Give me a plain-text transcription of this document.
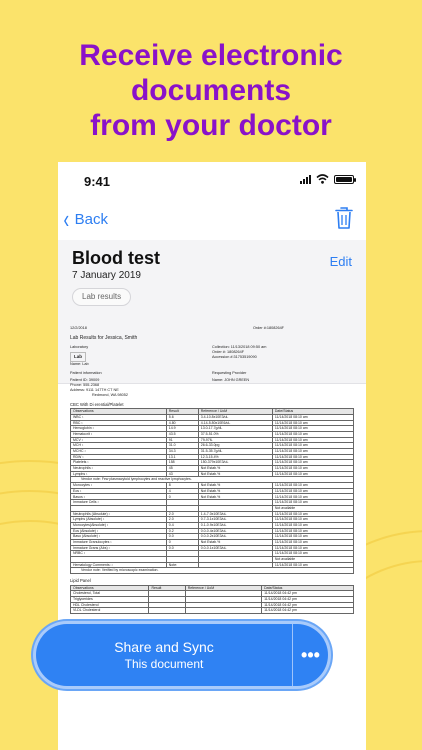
Receive electronic
documents
from your doctor
9:41
‹ Back
Blood test
7 January 2019
Edit
Lab results
12/2/2018	Order #:1808264F
Lab Results for Jessica, Smith
Laboratory
Lab
Name: Lab
Collection: 11/13/2018 09:50 am
Order #: 1808264F
Accession #:31753519090
Patient information
Patient ID: 39009
Phone: 555-2368
Address: 9111 147TH CT NE
Redmond, WA 98052
Requesting Provider
Name: JOHN GREEN
CBC With Di erential/Platelet
Observations	Result	Reference / UoM	Date/Status
WBC ¹	5.6	3.4-10.8x10E3/uL	11/14/2018 08:10 am
RBC ¹	4.80	4.14-5.80x10E6/uL	11/14/2018 08:10 am
Hemoglobin ¹	14.9	13.0-17.7g/dL	11/14/2018 08:10 am
Hematocrit ¹	43.5	37.5-51.0%	11/14/2018 08:10 am
MCV ¹	91	79-97fL	11/14/2018 08:10 am
MCH ¹	31.0	26.6-33.0pg	11/14/2018 08:10 am
MCHC ¹	34.3	31.5-35.7g/dL	11/14/2018 08:10 am
RDW ¹	13.1	12.3-15.4%	11/14/2018 08:10 am
Platelets ¹	158	150-379x10E3/uL	11/14/2018 08:10 am
Neutrophils ¹	45	Not Estab.%	11/14/2018 08:10 am
Lymphs ¹	43	Not Estab.%	11/14/2018 08:10 am
Vendor note: Few plasmacytoid lymphocytes and reactive lymphocytes.			
Monocytes ¹	8	Not Estab.%	11/14/2018 08:10 am
Eos ¹	4	Not Estab.%	11/14/2018 08:10 am
Basos ¹	0	Not Estab.%	11/14/2018 08:10 am
Immature Cells ¹			11/14/2018 08:10 am
			Not available
Neutrophils (Absolute) ¹	2.0	1.4-7.0x10E3/uL	11/14/2018 08:10 am
Lymphs (Absolute) ¹	2.0	0.7-3.1x10E3/uL	11/14/2018 08:10 am
Monocytes(Absolute) ¹	0.4	0.1-0.9x10E3/uL	11/14/2018 08:10 am
Eos (Absolute) ¹	0.2	0.0-0.4x10E3/uL	11/14/2018 08:10 am
Baso (Absolute) ¹	0.0	0.0-0.2x10E3/uL	11/14/2018 08:10 am
Immature Granulocytes ¹	0	Not Estab.%	11/14/2018 08:10 am
Immature Grans (Abs) ¹	0.0	0.0-0.1x10E3/uL	11/14/2018 08:10 am
NRBC ¹			11/14/2018 08:10 am
			Not available
Hematology Comments: ¹	Note:		11/14/2018 08:10 am
Vendor note: Verified by microscopic examination.			
Lipid Panel
Observations	Result	Reference / UoM	Date/Status
Cholesterol, Total			11/14/2018 04:42 pm
Triglycerides			11/14/2018 04:42 pm
HDL Cholesterol			11/14/2018 04:42 pm
VLDL Cholesterol			11/14/2018 04:42 pm
Share and Sync
This document	•••
